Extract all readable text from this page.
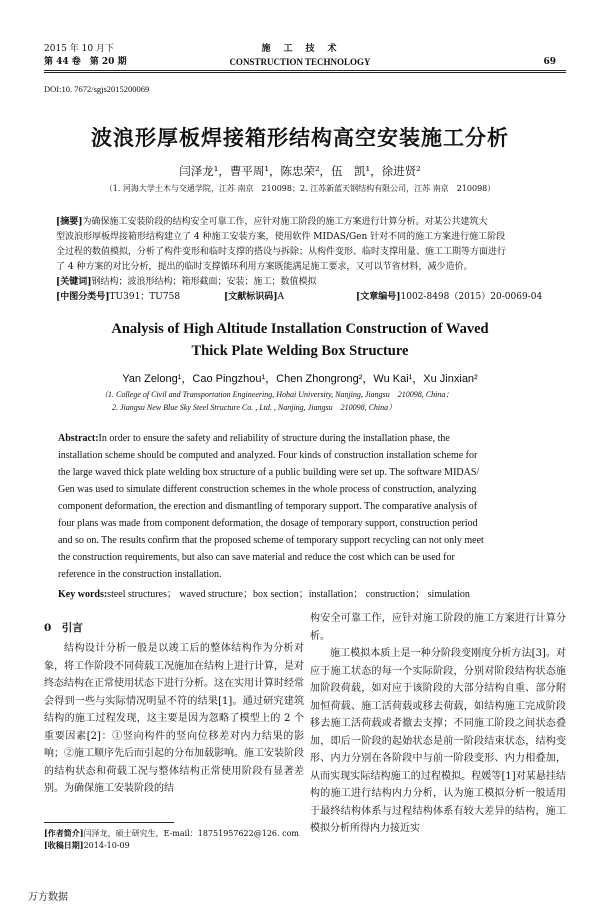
2015 年 10 月下
第 44 卷　第 20 期
施　工　技　术
CONSTRUCTION TECHNOLOGY	69
DOI:10. 7672/sgjs2015200069
波浪形厚板焊接箱形结构高空安装施工分析
闫泽龙¹，曹平周¹，陈忠荣²，伍　凯¹，徐进贤²
（1. 河海大学土木与交通学院，江苏 南京　210098；2. 江苏新蓝天钢结构有限公司，江苏 南京　210098）
[摘要]为确保施工安装阶段的结构安全可靠工作，应针对施工阶段的施工方案进行计算分析。对某公共建筑大
型波浪形厚板焊接箱形结构建立了 4 种施工安装方案，使用软件 MIDAS/Gen 针对不同的施工方案进行施工阶段
全过程的数值模拟，分析了构件变形和临时支撑的搭设与拆除；从构件变形、临时支撑用量、施工工期等方面进行
了 4 种方案的对比分析，提出的临时支撑循环利用方案既能满足施工要求，又可以节省材料，减少造价。
[关键词]钢结构；波浪形结构；箱形截面；安装；施工；数值模拟
[中图分类号]TU391；TU758	[文献标识码]A	[文章编号]1002-8498（2015）20-0069-04
Analysis of High Altitude Installation Construction of Waved
Thick Plate Welding Box Structure
Yan Zelong¹，Cao Pingzhou¹，Chen Zhongrong²，Wu Kai¹，Xu Jinxian²
（1. College of Civil and Transportation Engineering, Hohai University, Nanjing, Jiangsu　210098, China；
2. Jiangsu New Blue Sky Steel Structure Co. , Ltd. , Nanjing, Jiangsu　210098, China）
Abstract:In order to ensure the safety and reliability of structure during the installation phase, the
installation scheme should be computed and analyzed. Four kinds of construction installation scheme for
the large waved thick plate welding box structure of a public building were set up. The software MIDAS/
Gen was used to simulate different construction schemes in the whole process of construction, analyzing
component deformation, the erection and dismantling of temporary support. The comparative analysis of
four plans was made from component deformation, the dosage of temporary support, construction period
and so on. The results confirm that the proposed scheme of temporary support recycling can not only meet
the construction requirements, but also can save material and reduce the cost which can be used for
reference in the construction installation.
Key words:steel structures； waved structure；box section；installation； construction； simulation
0　引言

结构设计分析一般是以竣工后的整体结构作为分析对象，将工作阶段不同荷载工况施加在结构上进行计算，是对终态结构在正常使用状态下进行分析。这在实用计算时经常会得到一些与实际情况明显不符的结果[1]。通过研究建筑结构的施工过程发现，这主要是因为忽略了模型上的 2 个重要因素[2]：①竖向构件的竖向位移差对内力结果的影响；②施工顺序先后而引起的分布加载影响。施工安装阶段的结构状态和荷载工况与整体结构正常使用阶段有显著差别。为确保施工安装阶段的结

构安全可靠工作，应针对施工阶段的施工方案进行计算分析。

施工模拟本质上是一种分阶段变刚度分析方法[3]。对应于施工状态的每一个实际阶段，分别对阶段结构状态施加阶段荷载，如对应于该阶段的大部分结构自重、部分附加恒荷载、施工活荷载或移去荷载，如结构施工完成阶段移去施工活荷载或者撤去支撑；不同施工阶段之间状态叠加，即后一阶段的起始状态是前一阶段结束状态，结构变形、内力分别在各阶段中与前一阶段变形、内力相叠加，从而实现实际结构施工的过程模拟。程媛等[1]对某悬挂结构的施工进行结构内力分析，认为施工模拟分析一般适用于最终结构体系与过程结构体系有较大差异的结构，施工模拟分析所得内力接近实

[作者简介]闫泽龙，硕士研究生，E-mail：18751957622@126. com
[收稿日期]2014-10-09
万方数据
